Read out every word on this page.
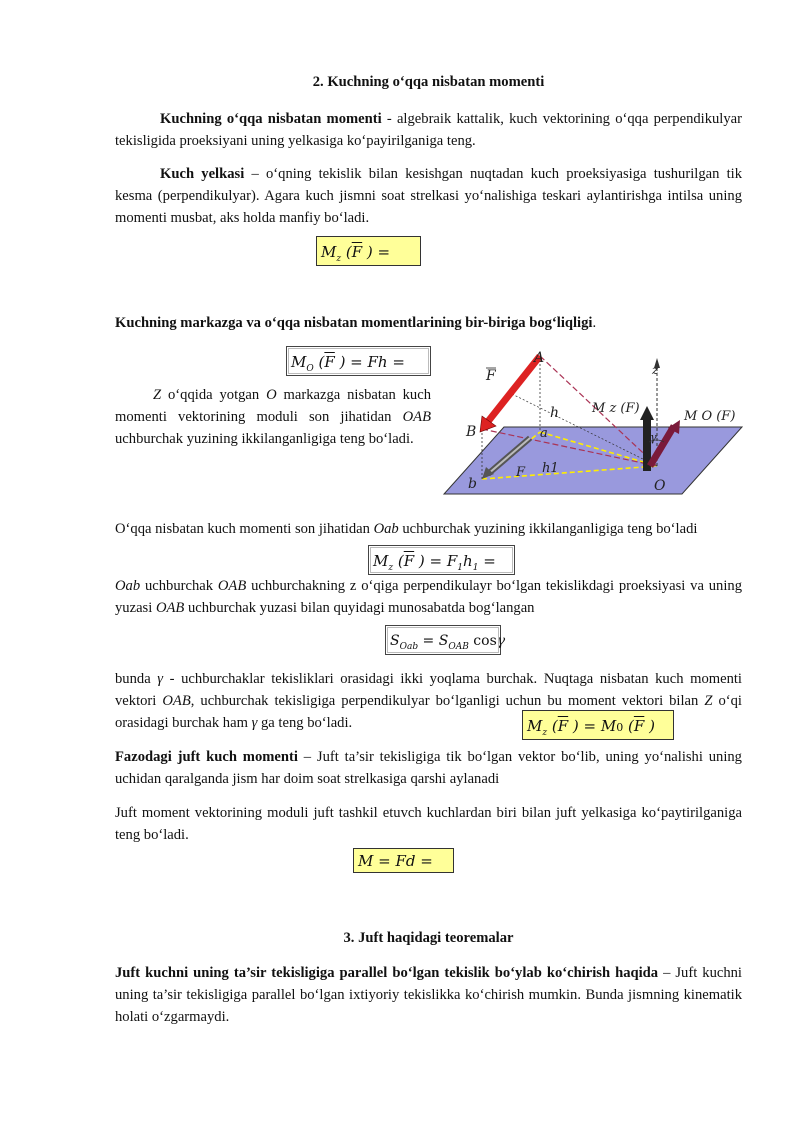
2. Kuchning o‘qqa nisbatan momenti
Kuchning o‘qqa nisbatan momenti - algebraik kattalik, kuch vektorining o‘qqa perpendikulyar tekisligida proeksiyani uning yelkasiga ko‘payirilganiga teng.
Kuch yelkasi – o‘qning tekislik bilan kesishgan nuqtadan kuch proeksiyasiga tushurilgan tik kesma (perpendikulyar). Agara kuch jismni soat strelkasi yo‘nalishiga teskari aylantirishga intilsa uning momenti musbat, aks holda manfiy bo‘ladi.
$M_z$ ($\overline{F}$ ) =
Kuchning markazga va o‘qqa nisbatan momentlarining bir-biriga bog‘liqligi.
$M_O$ ($\overline{F}$ ) = Fh =
Z o‘qqida yotgan O markazga nisbatan kuch momenti vektorining moduli son jihatidan OAB uchburchak yuzining ikkilanganligiga teng bo‘ladi.
F
A
B
b
a
h
h1
F
O
z
M z (F)
M O (F)
γ
O‘qqa nisbatan kuch momenti son jihatidan Oab uchburchak yuzining ikkilanganligiga teng bo‘ladi
$M_z$ ($\overline{F}$ ) = $F_1h_1$ =
Oab uchburchak OAB uchburchakning z o‘qiga perpendikulayr bo‘lgan tekislikdagi proeksiyasi va uning yuzasi OAB uchburchak yuzasi bilan quyidagi munosabatda bog‘langan
$S_{Oab} = S_{OAB}$ cosγ
bunda γ - uchburchaklar tekisliklari orasidagi ikki yoqlama burchak. Nuqtaga nisbatan kuch momenti vektori OAB, uchburchak tekisligiga perpendikulyar bo‘lganligi uchun bu moment vektori bilan Z o‘qi orasidagi burchak ham γ ga teng bo‘ladi.	$M_z$ ($\overline{F}$ ) = M0 ($\overline{F}$ )
Fazodagi juft kuch momenti – Juft ta’sir tekisligiga tik bo‘lgan vektor bo‘lib, uning yo‘nalishi uning uchidan qaralganda jism har doim soat strelkasiga qarshi aylanadi
Juft moment vektorining moduli juft tashkil etuvch kuchlardan biri bilan juft yelkasiga ko‘paytirilganiga teng bo‘ladi.
M = Fd =
3. Juft haqidagi teoremalar
Juft kuchni uning ta’sir tekisligiga parallel bo‘lgan tekislik bo‘ylab ko‘chirish haqida – Juft kuchni uning ta’sir tekisligiga parallel bo‘lgan ixtiyoriy tekislikka ko‘chirish mumkin. Bunda jismning kinematik holati o‘zgarmaydi.
